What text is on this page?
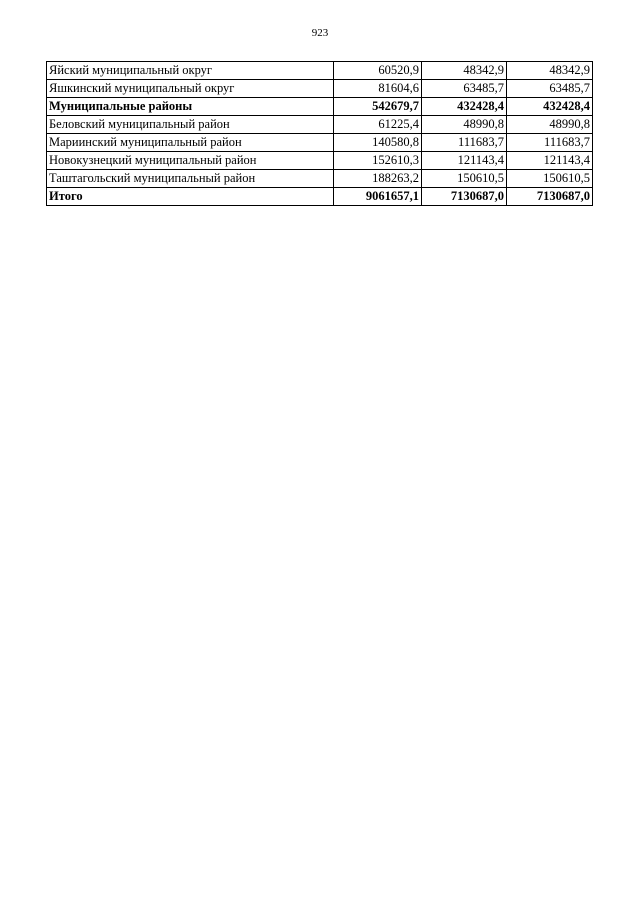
923
Яйский муниципальный округ	60520,9	48342,9	48342,9
Яшкинский муниципальный округ	81604,6	63485,7	63485,7
Муниципальные районы	542679,7	432428,4	432428,4
Беловский муниципальный район	61225,4	48990,8	48990,8
Мариинский муниципальный район	140580,8	111683,7	111683,7
Новокузнецкий муниципальный район	152610,3	121143,4	121143,4
Таштагольский муниципальный район	188263,2	150610,5	150610,5
Итого	9061657,1	7130687,0	7130687,0
